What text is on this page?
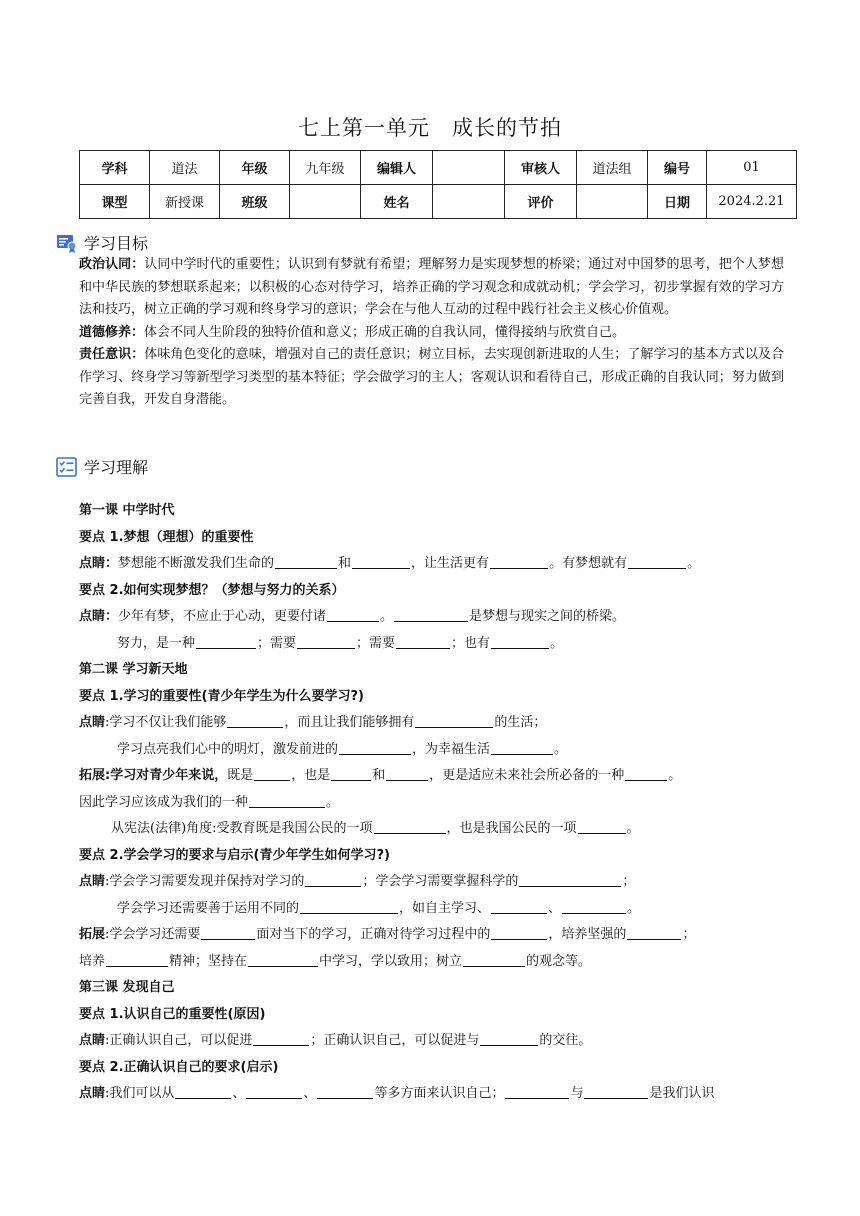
七上第一单元　成长的节拍
学科	道法	年级	九年级	编辑人		审核人	道法组	编号	01
课型	新授课	班级		姓名		评价		日期	2024.2.21
学习目标

政治认同：认同中学时代的重要性；认识到有梦就有希望；理解努力是实现梦想的桥梁；通过对中国梦的思考，把个人梦想和中华民族的梦想联系起来；以积极的心态对待学习，培养正确的学习观念和成就动机；学会学习，初步掌握有效的学习方法和技巧，树立正确的学习观和终身学习的意识；学会在与他人互动的过程中践行社会主义核心价值观。

道德修养：体会不同人生阶段的独特价值和意义；形成正确的自我认同，懂得接纳与欣赏自己。

责任意识：体味角色变化的意味，增强对自己的责任意识；树立目标，去实现创新进取的人生；了解学习的基本方式以及合作学习、终身学习等新型学习类型的基本特征；学会做学习的主人；客观认识和看待自己，形成正确的自我认同；努力做到完善自我，开发自身潜能。

学习理解
第一课 中学时代
要点 1.梦想（理想）的重要性
点睛：梦想能不断激发我们生命的	和	，让生活更有	。有梦想就有	。
要点 2.如何实现梦想？（梦想与努力的关系）
点睛：少年有梦，不应止于心动，更要付诸	。	是梦想与现实之间的桥梁。
努力，是一种	；需要	；需要	；也有	。
第二课 学习新天地
要点 1.学习的重要性(青少年学生为什么要学习?)
点睛:学习不仅让我们能够	，而且让我们能够拥有	的生活；
学习点亮我们心中的明灯，激发前进的	，为幸福生活	。
拓展:学习对青少年来说，既是	，也是	和	，更是适应未来社会所必备的一种	。
因此学习应该成为我们的一种	。
从宪法(法律)角度:受教育既是我国公民的一项	，也是我国公民的一项	。
要点 2.学会学习的要求与启示(青少年学生如何学习?)
点睛:学会学习需要发现并保持对学习的	；学会学习需要掌握科学的	；
学会学习还需要善于运用不同的	，如自主学习、	、	。
拓展:学会学习还需要	面对当下的学习，正确对待学习过程中的	，培养坚强的	；
培养	精神；坚持在	中学习，学以致用；树立	的观念等。
第三课 发现自己
要点 1.认识自己的重要性(原因)
点睛:正确认识自己，可以促进	；正确认识自己，可以促进与	的交往。
要点 2.正确认识自己的要求(启示)
点睛:我们可以从	、	、	等多方面来认识自己；	与	是我们认识
